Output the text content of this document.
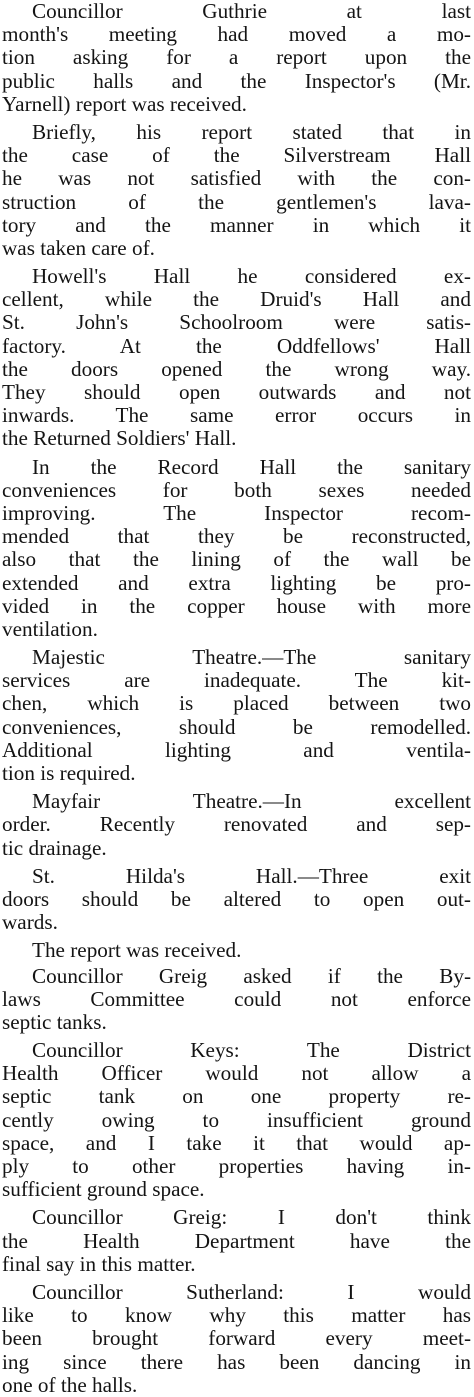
Councillor Guthrie at last
month's meeting had moved a mo-
tion asking for a report upon the
public halls and the Inspector's (Mr.
Yarnell) report was received.
Briefly, his report stated that in
the case of the Silverstream Hall
he was not satisfied with the con-
struction of the gentlemen's lava-
tory and the manner in which it
was taken care of.
Howell's Hall he considered ex-
cellent, while the Druid's Hall and
St. John's Schoolroom were satis-
factory. At the Oddfellows' Hall
the doors opened the wrong way.
They should open outwards and not
inwards. The same error occurs in
the Returned Soldiers' Hall.
In the Record Hall the sanitary
conveniences for both sexes needed
improving. The Inspector recom-
mended that they be reconstructed,
also that the lining of the wall be
extended and extra lighting be pro-
vided in the copper house with more
ventilation.
Majestic Theatre.—The sanitary
services are inadequate. The kit-
chen, which is placed between two
conveniences, should be remodelled.
Additional lighting and ventila-
tion is required.
Mayfair Theatre.—In excellent
order. Recently renovated and sep-
tic drainage.
St. Hilda's Hall.—Three exit
doors should be altered to open out-
wards.
The report was received.
Councillor Greig asked if the By-
laws Committee could not enforce
septic tanks.
Councillor Keys: The District
Health Officer would not allow a
septic tank on one property re-
cently owing to insufficient ground
space, and I take it that would ap-
ply to other properties having in-
sufficient ground space.
Councillor Greig: I don't think
the Health Department have the
final say in this matter.
Councillor Sutherland: I would
like to know why this matter has
been brought forward every meet-
ing since there has been dancing in
one of the halls.
